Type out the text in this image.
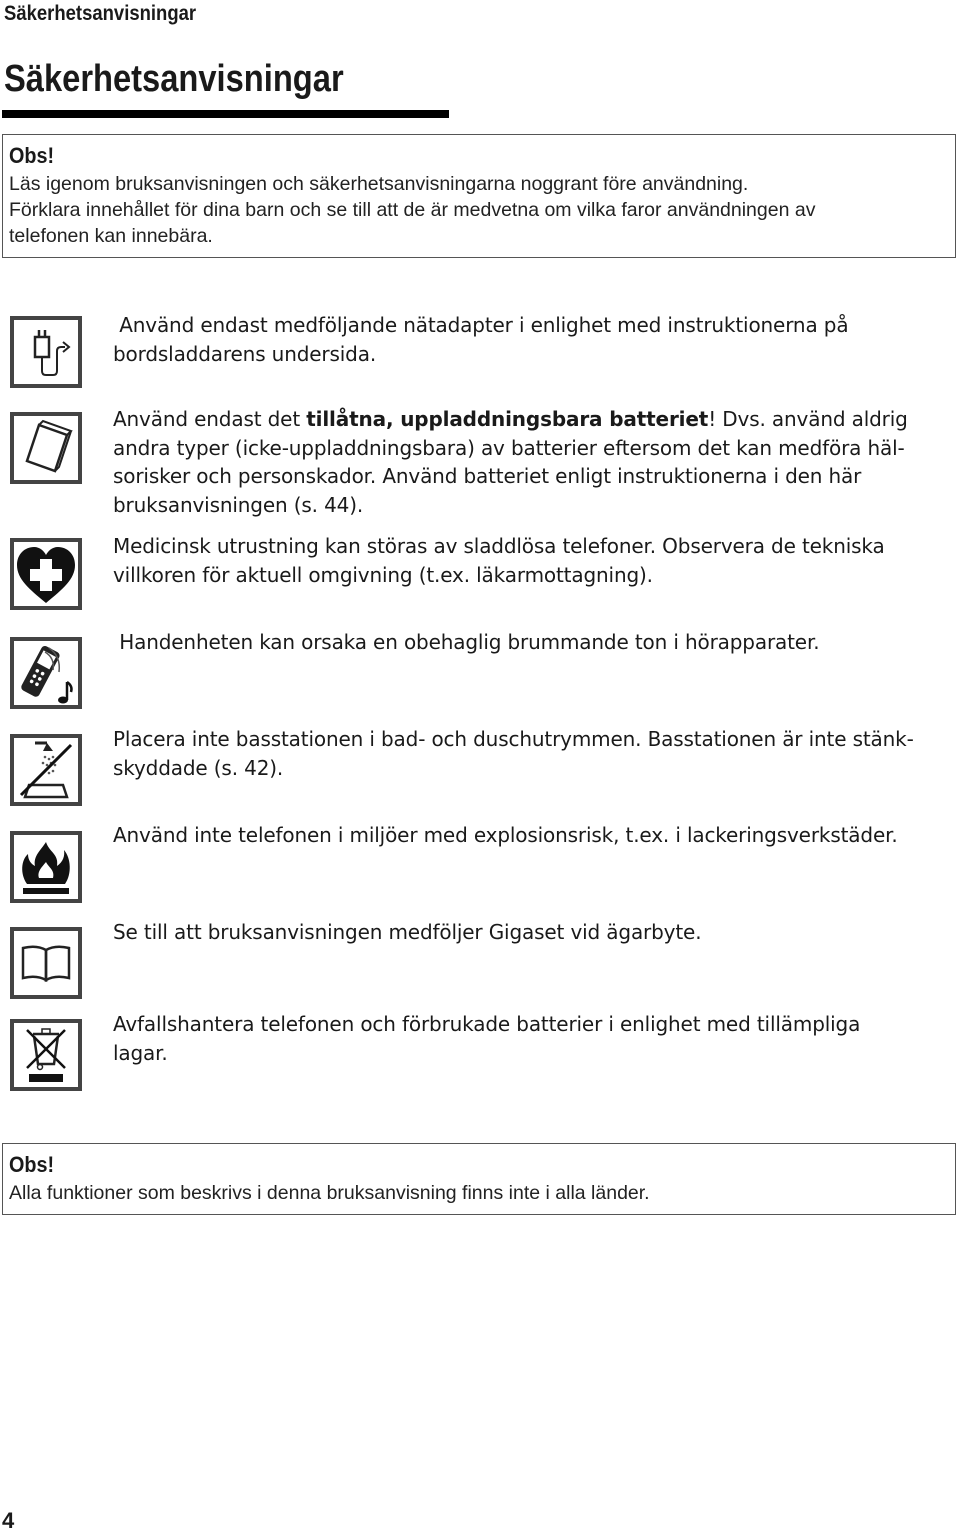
Säkerhetsanvisningar
Säkerhetsanvisningar
Obs!
Läs igenom bruksanvisningen och säkerhetsanvisningarna noggrant före användning.
Förklara innehållet för dina barn och se till att de är medvetna om vilka faror användningen av
telefonen kan innebära.
Använd endast medföljande nätadapter i enlighet med instruktionerna på
bordsladdarens undersida.
Använd endast det tillåtna, uppladdningsbara batteriet! Dvs. använd aldrig
andra typer (icke-uppladdningsbara) av batterier eftersom det kan medföra häl-
sorisker och personskador. Använd batteriet enligt instruktionerna i den här
bruksanvisningen (s. 44).
Medicinsk utrustning kan störas av sladdlösa telefoner. Observera de tekniska
villkoren för aktuell omgivning (t.ex. läkarmottagning).
Handenheten kan orsaka en obehaglig brummande ton i hörapparater.
Placera inte basstationen i bad- och duschutrymmen. Basstationen är inte stänk-
skyddade (s. 42).
Använd inte telefonen i miljöer med explosionsrisk, t.ex. i lackeringsverkstäder.
Se till att bruksanvisningen medföljer Gigaset vid ägarbyte.
Avfallshantera telefonen och förbrukade batterier i enlighet med tillämpliga
lagar.
Obs!
Alla funktioner som beskrivs i denna bruksanvisning finns inte i alla länder.
4
